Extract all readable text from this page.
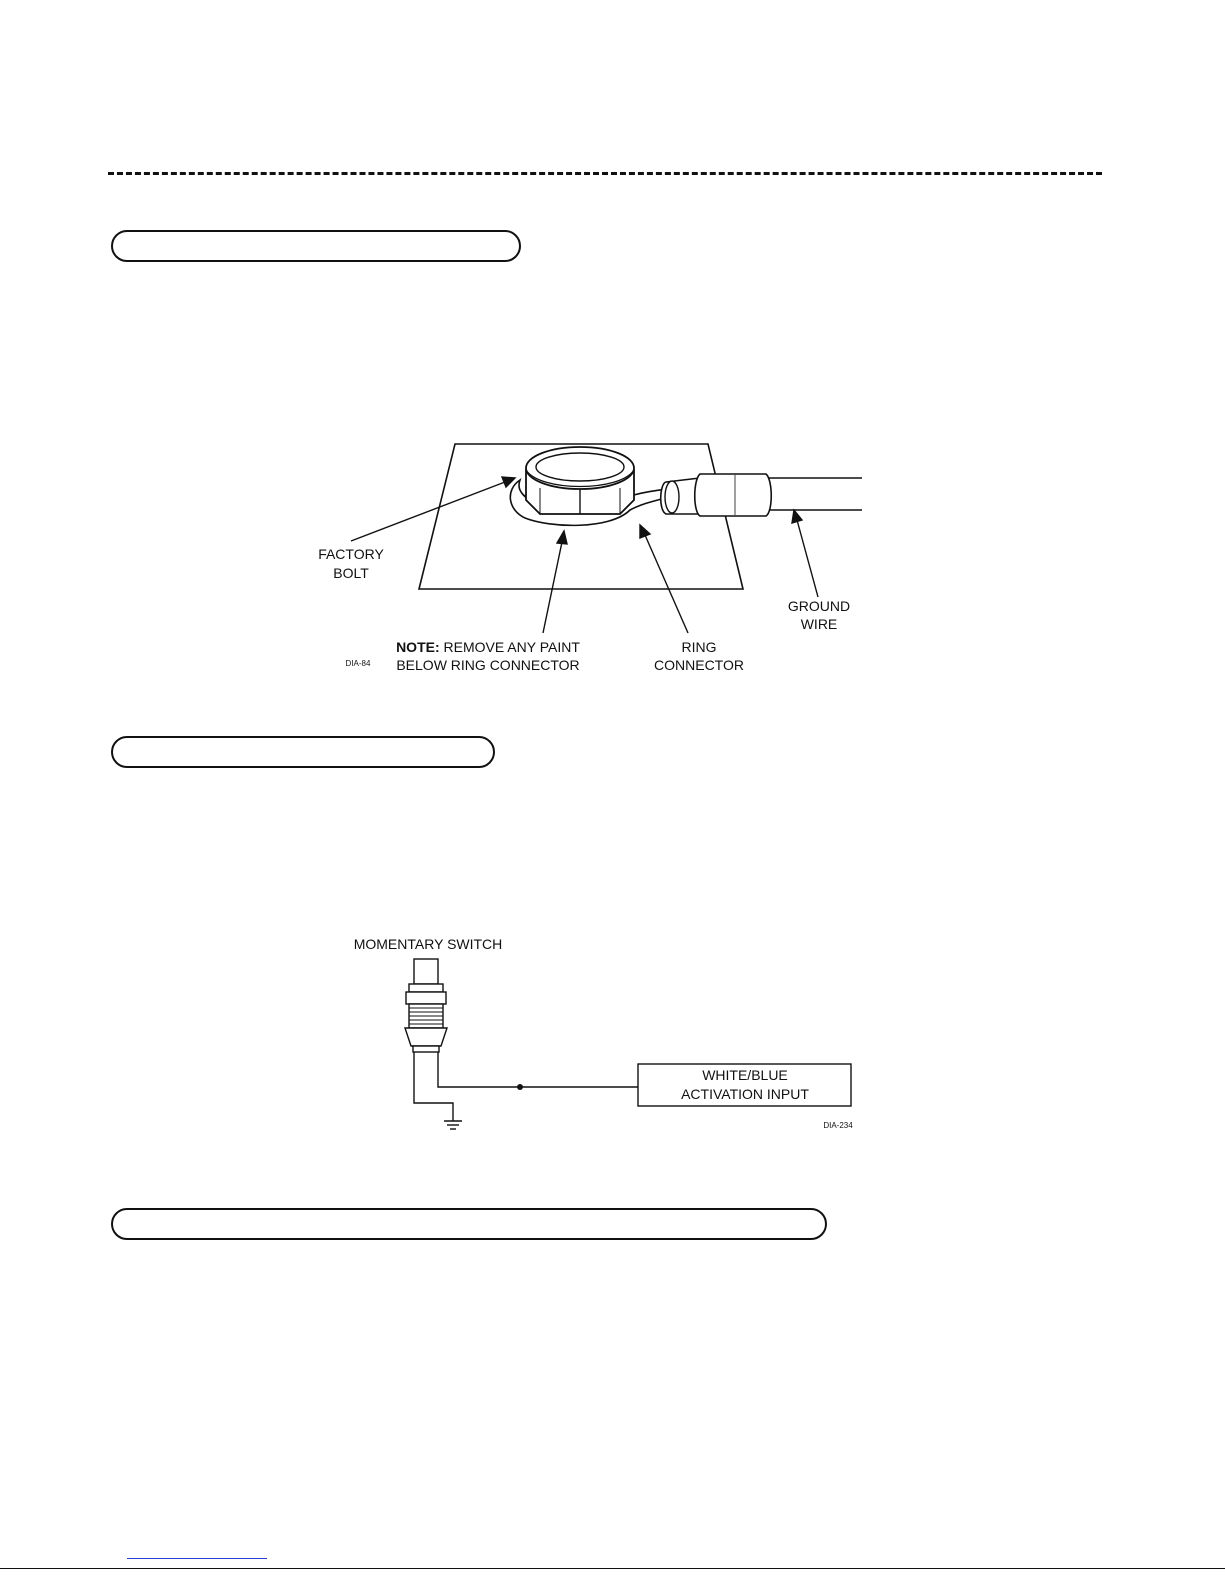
FACTORY
BOLT
GROUND
WIRE
RING
CONNECTOR
NOTE: REMOVE ANY PAINT
BELOW RING CONNECTOR
DIA-84
MOMENTARY SWITCH
WHITE/BLUE
ACTIVATION INPUT
DIA-234
